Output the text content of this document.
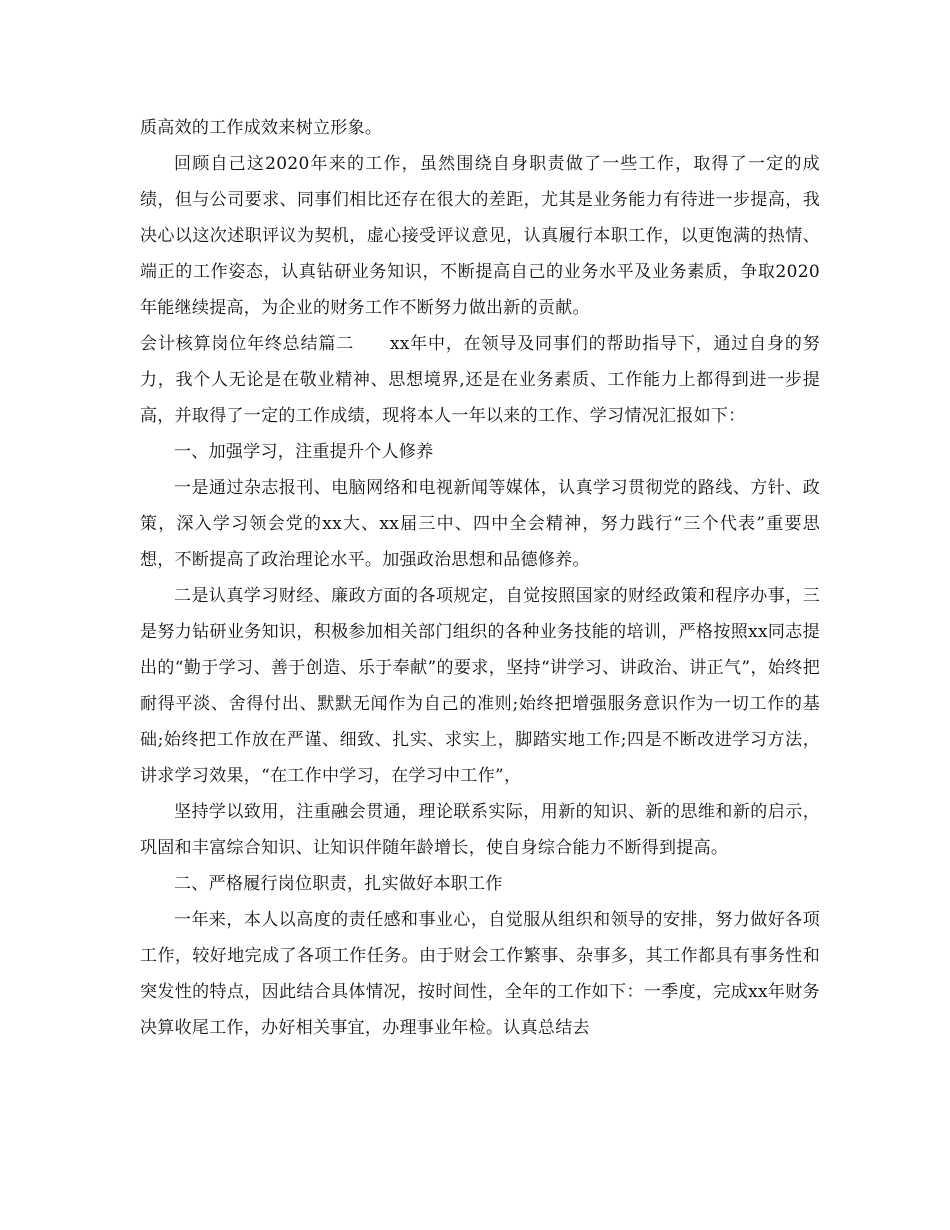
质高效的工作成效来树立形象。

回顾自己这2020年来的工作，虽然围绕自身职责做了一些工作，取得了一定的成绩，但与公司要求、同事们相比还存在很大的差距，尤其是业务能力有待进一步提高，我决心以这次述职评议为契机，虚心接受评议意见，认真履行本职工作，以更饱满的热情、端正的工作姿态，认真钻研业务知识，不断提高自己的业务水平及业务素质，争取2020年能继续提高，为企业的财务工作不断努力做出新的贡献。

会计核算岗位年终总结篇二　　xx年中，在领导及同事们的帮助指导下，通过自身的努力，我个人无论是在敬业精神、思想境界,还是在业务素质、工作能力上都得到进一步提高，并取得了一定的工作成绩，现将本人一年以来的工作、学习情况汇报如下：

一、加强学习，注重提升个人修养

一是通过杂志报刊、电脑网络和电视新闻等媒体，认真学习贯彻党的路线、方针、政策，深入学习领会党的xx大、xx届三中、四中全会精神，努力践行“三个代表”重要思想，不断提高了政治理论水平。加强政治思想和品德修养。

二是认真学习财经、廉政方面的各项规定，自觉按照国家的财经政策和程序办事，三是努力钻研业务知识，积极参加相关部门组织的各种业务技能的培训，严格按照xx同志提出的“勤于学习、善于创造、乐于奉献”的要求，坚持“讲学习、讲政治、讲正气”，始终把耐得平淡、舍得付出、默默无闻作为自己的准则;始终把增强服务意识作为一切工作的基础;始终把工作放在严谨、细致、扎实、求实上，脚踏实地工作;四是不断改进学习方法，讲求学习效果，“在工作中学习，在学习中工作”，

坚持学以致用，注重融会贯通，理论联系实际，用新的知识、新的思维和新的启示，巩固和丰富综合知识、让知识伴随年龄增长，使自身综合能力不断得到提高。

二、严格履行岗位职责，扎实做好本职工作

一年来，本人以高度的责任感和事业心，自觉服从组织和领导的安排，努力做好各项工作，较好地完成了各项工作任务。由于财会工作繁事、杂事多，其工作都具有事务性和突发性的特点，因此结合具体情况，按时间性，全年的工作如下：一季度，完成xx年财务决算收尾工作，办好相关事宜，办理事业年检。认真总结去
